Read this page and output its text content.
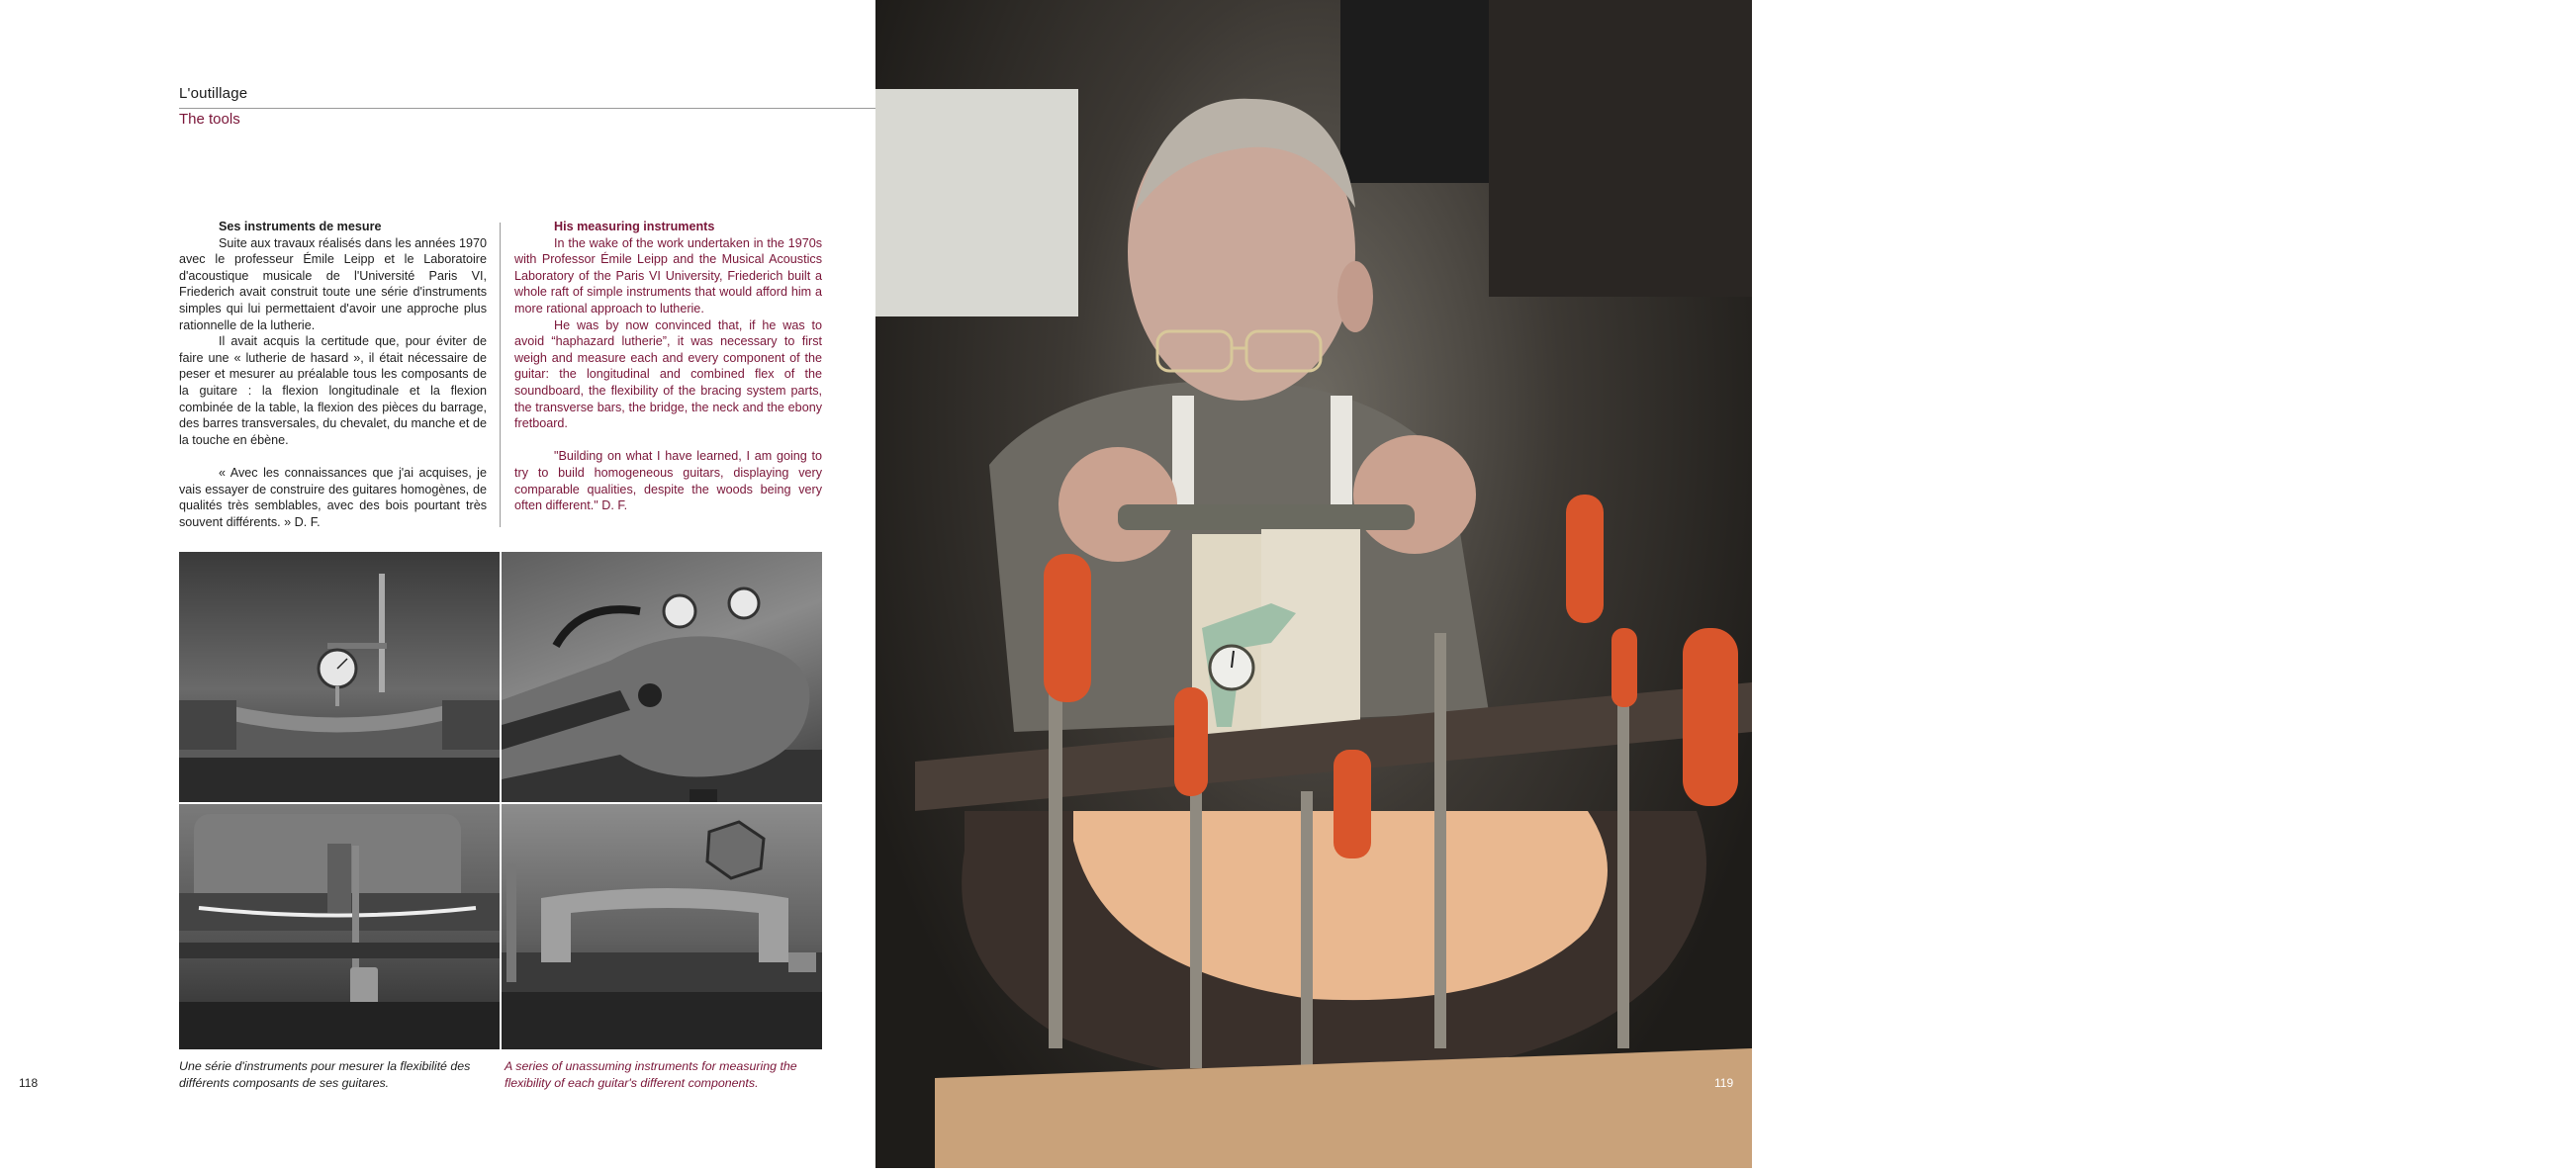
L'outillage
The tools
Ses instruments de mesure

Suite aux travaux réalisés dans les années 1970 avec le professeur Émile Leipp et le Laboratoire d'acoustique musicale de l'Université Paris VI, Friederich avait construit toute une série d'instruments simples qui lui permettaient d'avoir une approche plus rationnelle de la lutherie.

Il avait acquis la certitude que, pour éviter de faire une « lutherie de hasard », il était nécessaire de peser et mesurer au préalable tous les composants de la guitare : la flexion longitudinale et la flexion combinée de la table, la flexion des pièces du barrage, des barres transversales, du chevalet, du manche et de la touche en ébène.

« Avec les connaissances que j'ai acquises, je vais essayer de construire des guitares homogènes, de qualités très semblables, avec des bois pourtant très souvent différents. » D. F.

His measuring instruments

In the wake of the work undertaken in the 1970s with Professor Émile Leipp and the Musical Acoustics Laboratory of the Paris VI University, Friederich built a whole raft of simple instruments that would afford him a more rational approach to lutherie.

He was by now convinced that, if he was to avoid “haphazard lutherie”, it was necessary to first weigh and measure each and every component of the guitar: the longitudinal and combined flex of the soundboard, the flexibility of the bracing system parts, the transverse bars, the bridge, the neck and the ebony fretboard.

"Building on what I have learned, I am going to try to build homogeneous guitars, displaying very comparable qualities, despite the woods being very often different." D. F.

Une série d'instruments pour mesurer la flexibilité des différents composants de ses guitares.
A series of unassuming instruments for measuring the flexibility of each guitar's different components.
118

La mesure de la flexibilité de la table au niveau du chevalet était une information importante pour adapter le barrage de ses guitares.

Measuring soundboard flex where the bridge is to be located is a crucial piece of information for deciding on each guitar's bracing.

119
